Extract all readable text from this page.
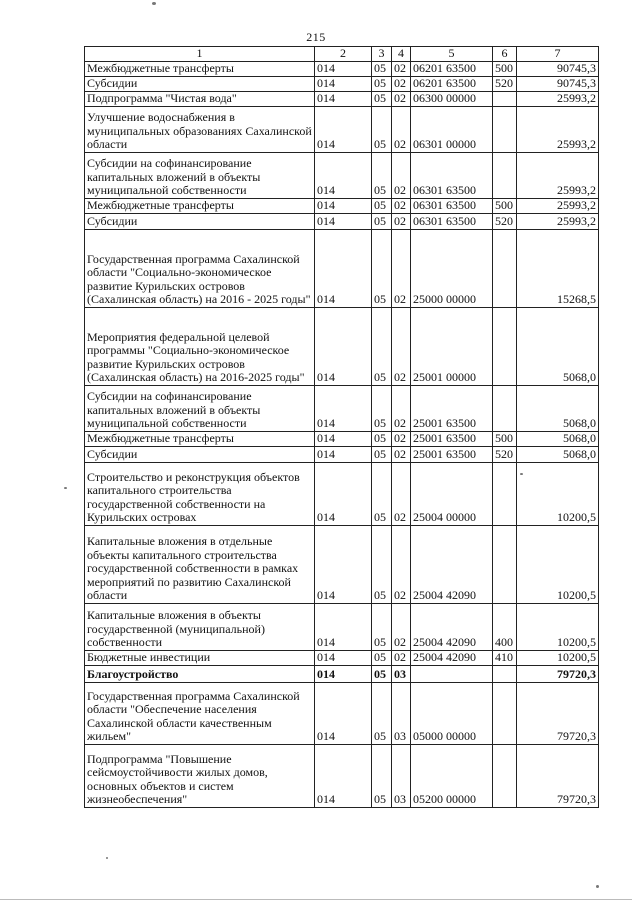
215
1	2	3	4	5	6	7
Межбюджетные трансферты	014	05	02	06201 63500	500	90745,3
Субсидии	014	05	02	06201 63500	520	90745,3
Подпрограмма "Чистая вода"	014	05	02	06300 00000		25993,2
Улучшение водоснабжения в муниципальных образованиях Сахалинской области	014	05	02	06301 00000		25993,2
Субсидии на софинансирование капитальных вложений в объекты муниципальной собственности	014	05	02	06301 63500		25993,2
Межбюджетные трансферты	014	05	02	06301 63500	500	25993,2
Субсидии	014	05	02	06301 63500	520	25993,2
Государственная программа Сахалинской области "Социально-экономическое развитие Курильских островов (Сахалинская область) на 2016 - 2025 годы"	014	05	02	25000 00000		15268,5
Мероприятия федеральной целевой программы "Социально-экономическое развитие Курильских островов (Сахалинская область) на 2016-2025 годы"	014	05	02	25001 00000		5068,0
Субсидии на софинансирование капитальных вложений в объекты муниципальной собственности	014	05	02	25001 63500		5068,0
Межбюджетные трансферты	014	05	02	25001 63500	500	5068,0
Субсидии	014	05	02	25001 63500	520	5068,0
Строительство и реконструкция объектов капитального строительства государственной собственности на Курильских островах	014	05	02	25004 00000		10200,5
Капитальные вложения в отдельные объекты капитального строительства государственной собственности в рамках мероприятий по развитию Сахалинской области	014	05	02	25004 42090		10200,5
Капитальные вложения в объекты государственной (муниципальной) собственности	014	05	02	25004 42090	400	10200,5
Бюджетные инвестиции	014	05	02	25004 42090	410	10200,5
Благоустройство	014	05	03			79720,3
Государственная программа Сахалинской области "Обеспечение населения Сахалинской области качественным жильем"	014	05	03	05000 00000		79720,3
Подпрограмма "Повышение сейсмоустойчивости жилых домов, основных объектов и систем жизнеобеспечения"	014	05	03	05200 00000		79720,3
